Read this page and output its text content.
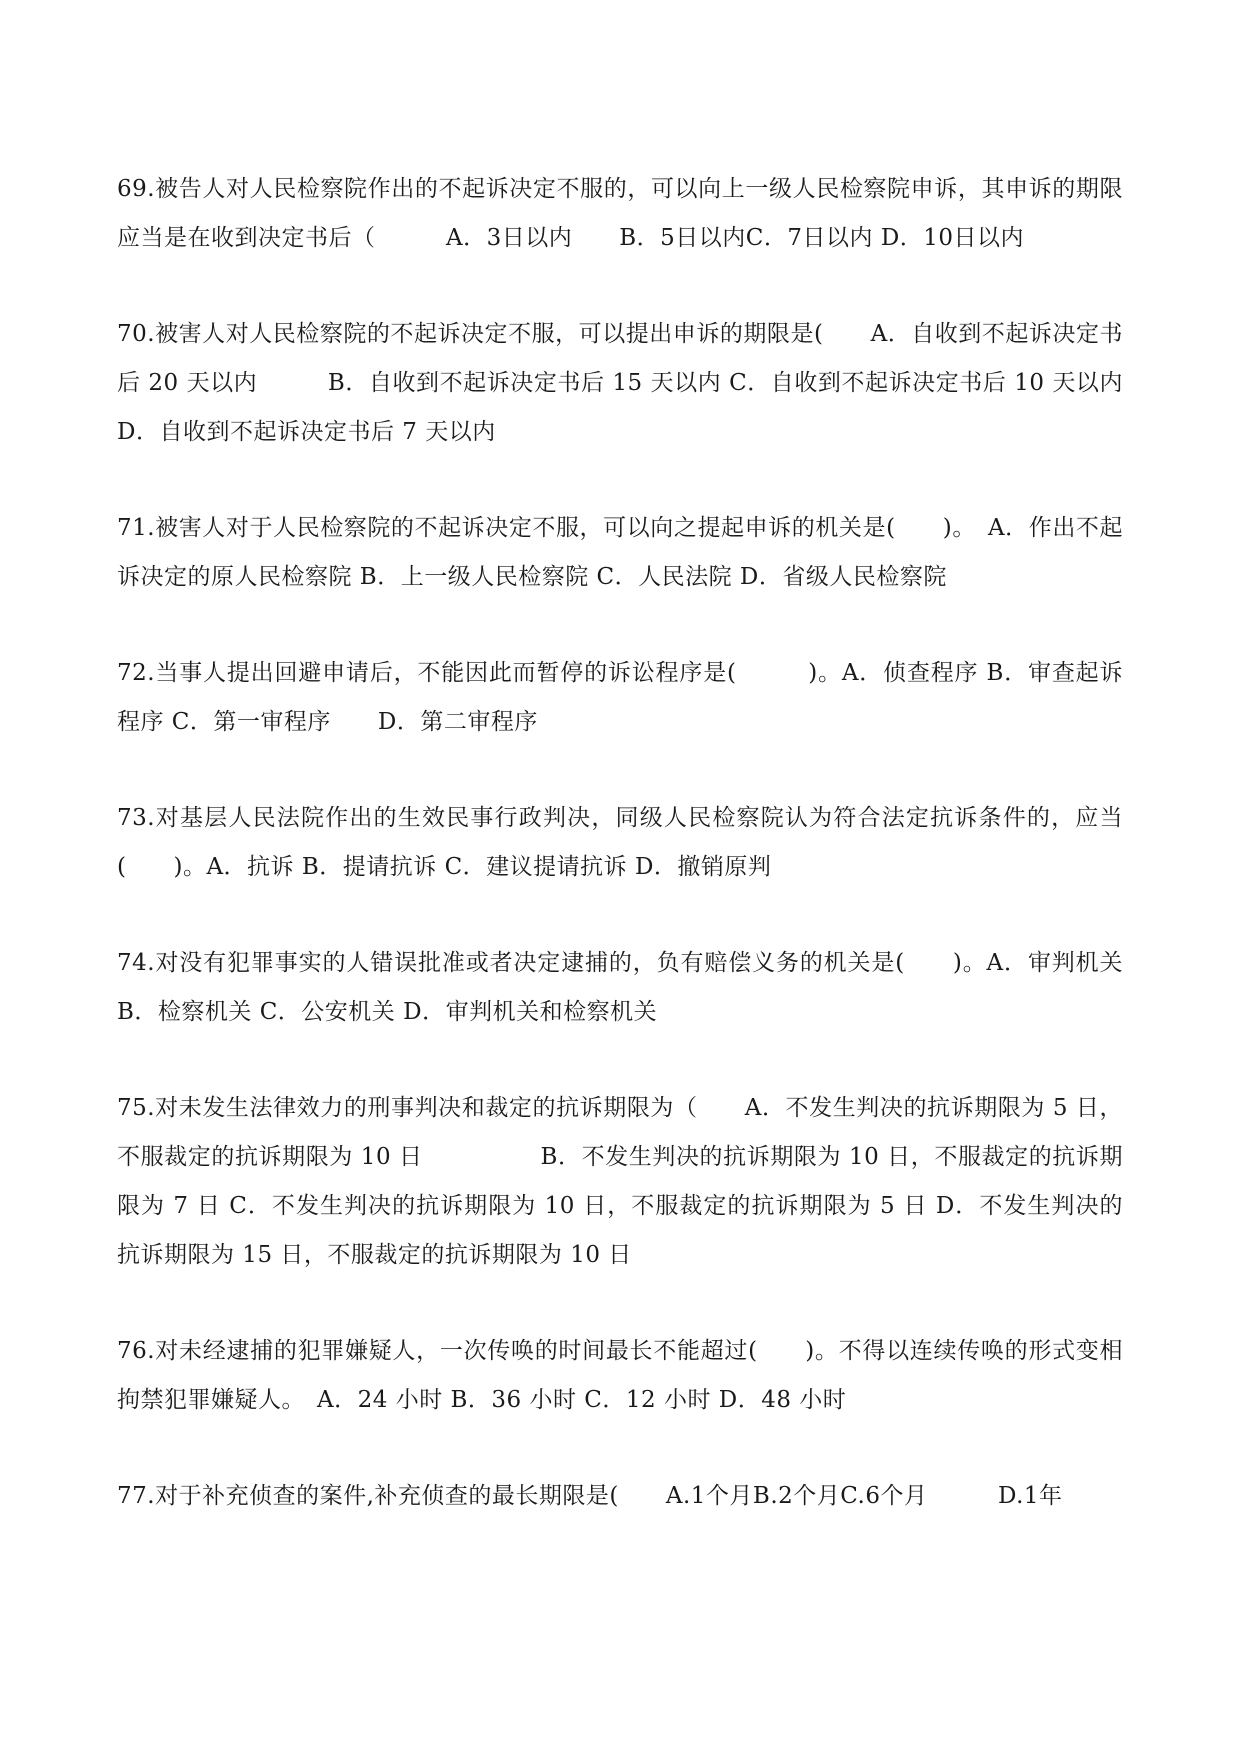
69.被告人对人民检察院作出的不起诉决定不服的，可以向上一级人民检察院申诉，其申诉的期限应当是在收到决定书后（　　　A．3日以内　　B．5日以内C．7日以内 D．10日以内

70.被害人对人民检察院的不起诉决定不服，可以提出申诉的期限是(　　A．自收到不起诉决定书后 20 天以内　　　B．自收到不起诉决定书后 15 天以内 C．自收到不起诉决定书后 10 天以内 D．自收到不起诉决定书后 7 天以内

71.被害人对于人民检察院的不起诉决定不服，可以向之提起申诉的机关是(　　)。　A．作出不起诉决定的原人民检察院 B．上一级人民检察院 C．人民法院 D．省级人民检察院

72.当事人提出回避申请后，不能因此而暂停的诉讼程序是(　　　)。A．侦查程序 B．审查起诉程序 C．第一审程序　　D．第二审程序

73.对基层人民法院作出的生效民事行政判决，同级人民检察院认为符合法定抗诉条件的，应当(　　)。A．抗诉 B．提请抗诉 C．建议提请抗诉 D．撤销原判

74.对没有犯罪事实的人错误批准或者决定逮捕的，负有赔偿义务的机关是(　　)。A．审判机关　　B．检察机关 C．公安机关 D．审判机关和检察机关

75.对未发生法律效力的刑事判决和裁定的抗诉期限为（　　A．不发生判决的抗诉期限为 5 日，不服裁定的抗诉期限为 10 日　　　　　B．不发生判决的抗诉期限为 10 日，不服裁定的抗诉期限为 7 日 C．不发生判决的抗诉期限为 10 日，不服裁定的抗诉期限为 5 日 D．不发生判决的抗诉期限为 15 日，不服裁定的抗诉期限为 10 日

76.对未经逮捕的犯罪嫌疑人，一次传唤的时间最长不能超过(　　)。不得以连续传唤的形式变相拘禁犯罪嫌疑人。　A．24 小时 B．36 小时 C．12 小时 D．48 小时

77.对于补充侦查的案件,补充侦查的最长期限是(　　A.1个月B.2个月C.6个月　　　D.1年
